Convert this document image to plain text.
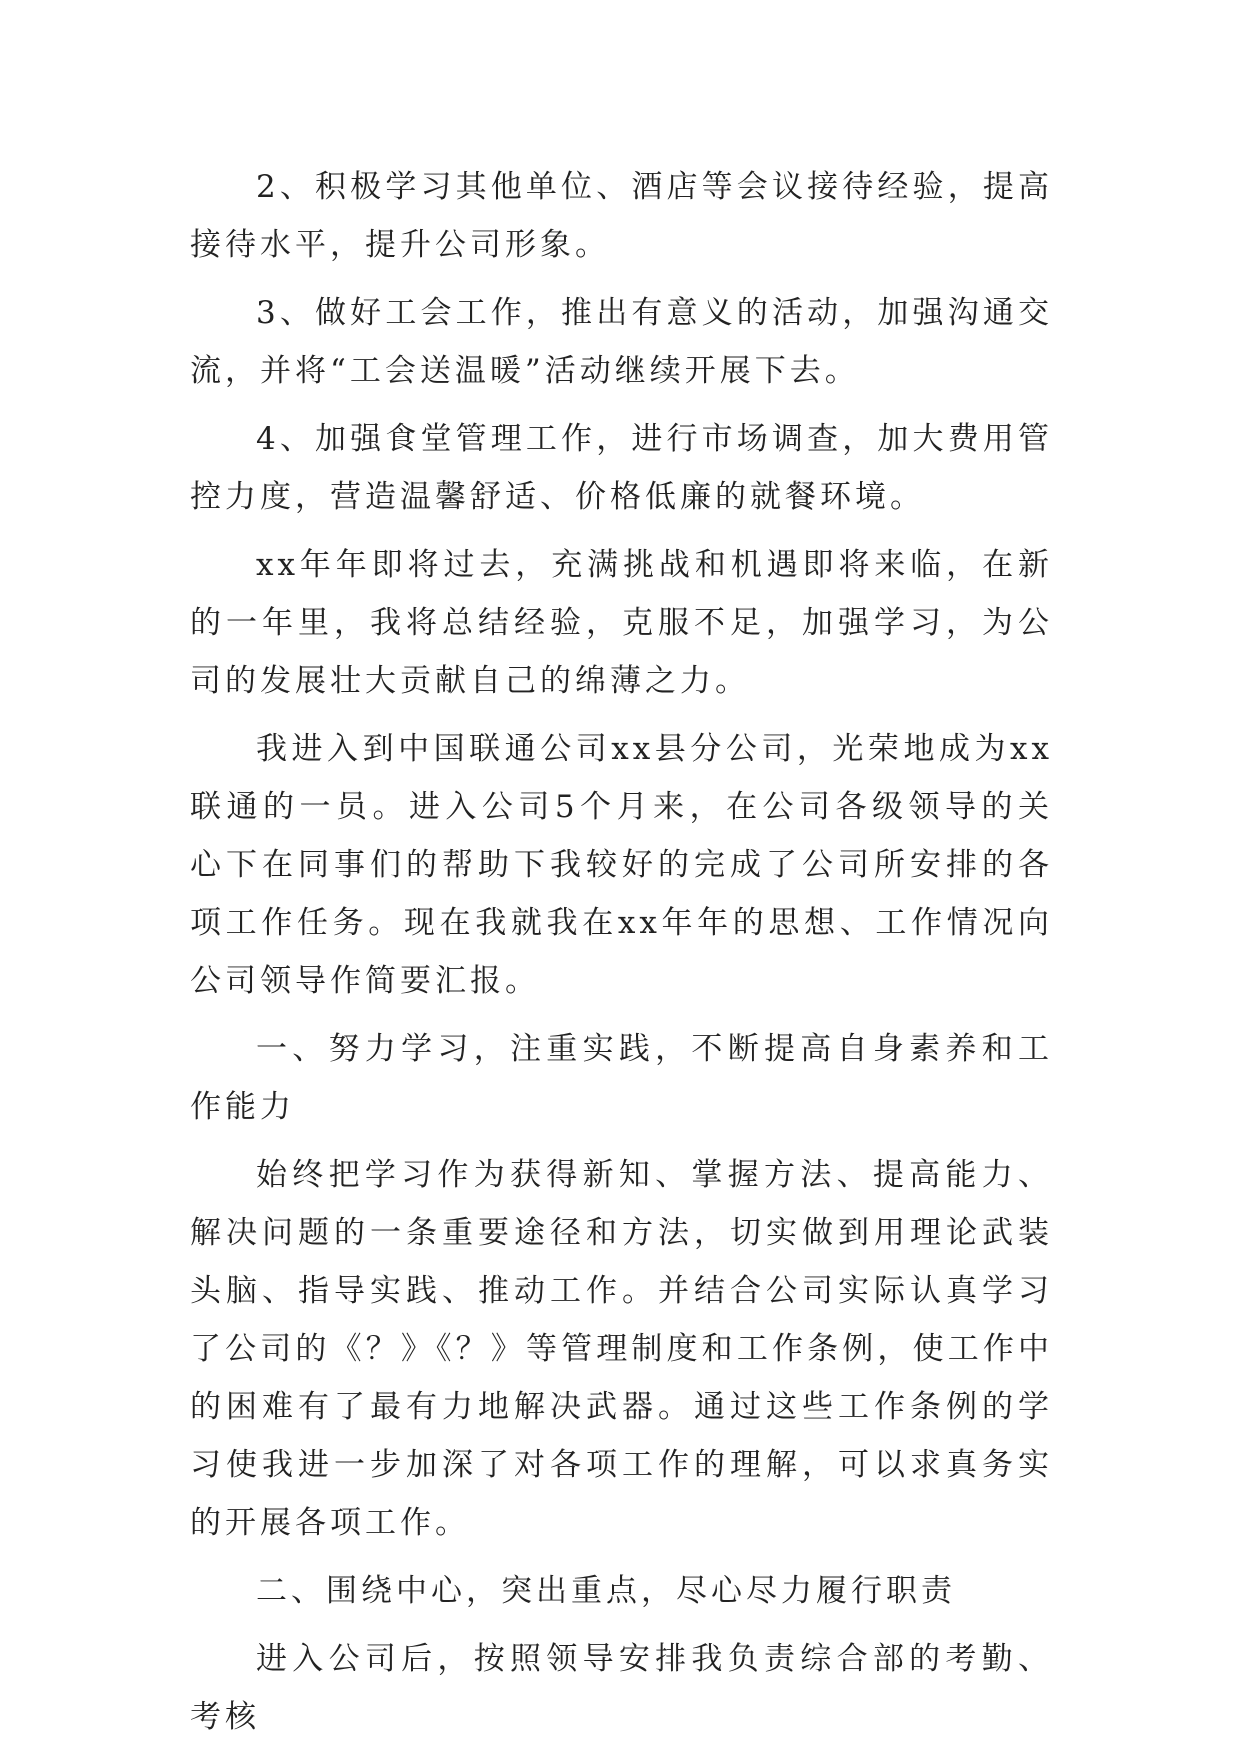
2、积极学习其他单位、酒店等会议接待经验，提高接待水平，提升公司形象。

3、做好工会工作，推出有意义的活动，加强沟通交流，并将“工会送温暖”活动继续开展下去。

4、加强食堂管理工作，进行市场调查，加大费用管控力度，营造温馨舒适、价格低廉的就餐环境。

xx年年即将过去，充满挑战和机遇即将来临，在新的一年里，我将总结经验，克服不足，加强学习，为公司的发展壮大贡献自己的绵薄之力。

我进入到中国联通公司xx县分公司，光荣地成为xx联通的一员。进入公司5个月来，在公司各级领导的关心下在同事们的帮助下我较好的完成了公司所安排的各项工作任务。现在我就我在xx年年的思想、工作情况向公司领导作简要汇报。

一、努力学习，注重实践，不断提高自身素养和工作能力

始终把学习作为获得新知、掌握方法、提高能力、解决问题的一条重要途径和方法，切实做到用理论武装头脑、指导实践、推动工作。并结合公司实际认真学习了公司的《？》《？》等管理制度和工作条例，使工作中的困难有了最有力地解决武器。通过这些工作条例的学习使我进一步加深了对各项工作的理解，可以求真务实的开展各项工作。

二、围绕中心，突出重点，尽心尽力履行职责

进入公司后，按照领导安排我负责综合部的考勤、考核
